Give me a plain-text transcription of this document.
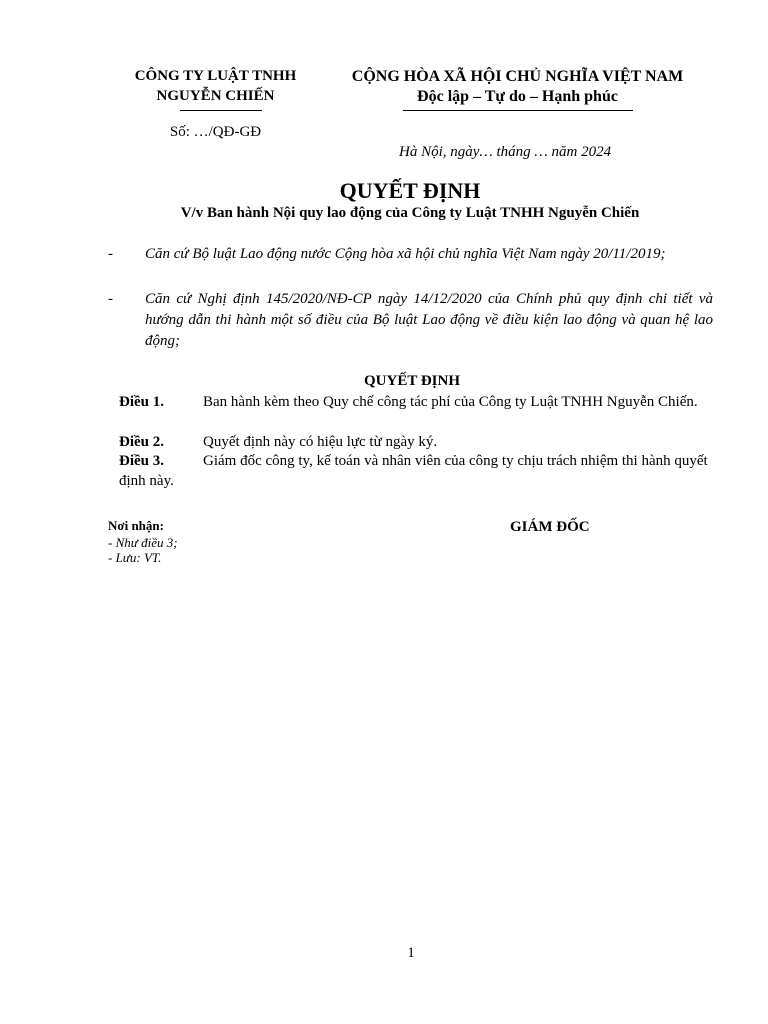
CÔNG TY LUẬT TNHH
NGUYỄN CHIẾN
Số: …/QĐ-GĐ
CỘNG HÒA XÃ HỘI CHỦ NGHĨA VIỆT NAM
Độc lập – Tự do – Hạnh phúc
Hà Nội, ngày… tháng … năm 2024
QUYẾT ĐỊNH
V/v Ban hành Nội quy lao động của Công ty Luật TNHH Nguyễn Chiến
- Căn cứ Bộ luật Lao động nước Cộng hòa xã hội chủ nghĩa Việt Nam ngày 20/11/2019;
- Căn cứ Nghị định 145/2020/NĐ-CP ngày 14/12/2020 của Chính phủ quy định chi tiết và hướng dẫn thi hành một số điều của Bộ luật Lao động về điều kiện lao động và quan hệ lao động;
QUYẾT ĐỊNH
Điều 1.	Ban hành kèm theo Quy chế công tác phí của Công ty Luật TNHH Nguyễn Chiến.
Điều 2.	Quyết định này có hiệu lực từ ngày ký.
Điều 3.	Giám đốc công ty, kế toán và nhân viên của công ty chịu trách nhiệm thi hành quyết định này.
Nơi nhận:
- Như điều 3;
- Lưu: VT.
GIÁM ĐỐC
1
